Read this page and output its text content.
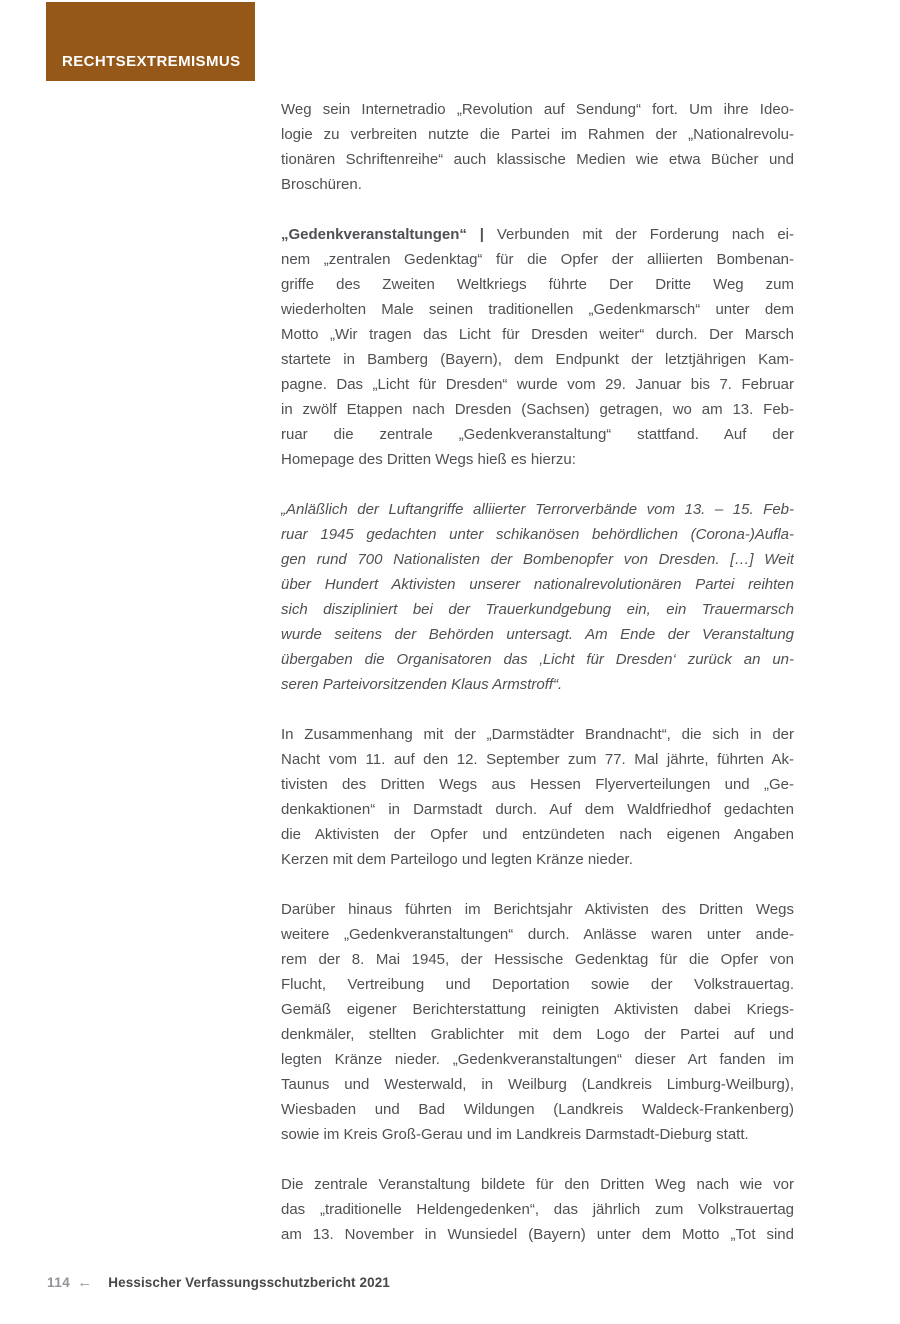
RECHTSEXTREMISMUS
Weg sein Internetradio „Revolution auf Sendung“ fort. Um ihre Ideo-
logie zu verbreiten nutzte die Partei im Rahmen der „Nationalrevolu-
tionären Schriftenreihe“ auch klassische Medien wie etwa Bücher und
Broschüren.
„Gedenkveranstaltungen“ | Verbunden mit der Forderung nach ei-
nem „zentralen Gedenktag“ für die Opfer der alliierten Bombenan-
griffe des Zweiten Weltkriegs führte Der Dritte Weg zum
wiederholten Male seinen traditionellen „Gedenkmarsch“ unter dem
Motto „Wir tragen das Licht für Dresden weiter“ durch. Der Marsch
startete in Bamberg (Bayern), dem Endpunkt der letztjährigen Kam-
pagne. Das „Licht für Dresden“ wurde vom 29. Januar bis 7. Februar
in zwölf Etappen nach Dresden (Sachsen) getragen, wo am 13. Feb-
ruar die zentrale „Gedenkveranstaltung“ stattfand. Auf der
Homepage des Dritten Wegs hieß es hierzu:
„Anläßlich der Luftangriffe alliierter Terrorverbände vom 13. – 15. Feb-
ruar 1945 gedachten unter schikanösen behördlichen (Corona-)Aufla-
gen rund 700 Nationalisten der Bombenopfer von Dresden. […] Weit
über Hundert Aktivisten unserer nationalrevolutionären Partei reihten
sich diszipliniert bei der Trauerkundgebung ein, ein Trauermarsch
wurde seitens der Behörden untersagt. Am Ende der Veranstaltung
übergaben die Organisatoren das ‚Licht für Dresden‘ zurück an un-
seren Parteivorsitzenden Klaus Armstroff“.
In Zusammenhang mit der „Darmstädter Brandnacht“, die sich in der
Nacht vom 11. auf den 12. September zum 77. Mal jährte, führten Ak-
tivisten des Dritten Wegs aus Hessen Flyerverteilungen und „Ge-
denkaktionen“ in Darmstadt durch. Auf dem Waldfriedhof gedachten
die Aktivisten der Opfer und entzündeten nach eigenen Angaben
Kerzen mit dem Parteilogo und legten Kränze nieder.
Darüber hinaus führten im Berichtsjahr Aktivisten des Dritten Wegs
weitere „Gedenkveranstaltungen“ durch. Anlässe waren unter ande-
rem der 8. Mai 1945, der Hessische Gedenktag für die Opfer von
Flucht, Vertreibung und Deportation sowie der Volkstrauertag.
Gemäß eigener Berichterstattung reinigten Aktivisten dabei Kriegs-
denkmäler, stellten Grablichter mit dem Logo der Partei auf und
legten Kränze nieder. „Gedenkveranstaltungen“ dieser Art fanden im
Taunus und Westerwald, in Weilburg (Landkreis Limburg-Weilburg),
Wiesbaden und Bad Wildungen (Landkreis Waldeck-Frankenberg)
sowie im Kreis Groß-Gerau und im Landkreis Darmstadt-Dieburg statt.
Die zentrale Veranstaltung bildete für den Dritten Weg nach wie vor
das „traditionelle Heldengedenken“, das jährlich zum Volkstrauertag
am 13. November in Wunsiedel (Bayern) unter dem Motto „Tot sind
114 ← Hessischer Verfassungsschutzbericht 2021
